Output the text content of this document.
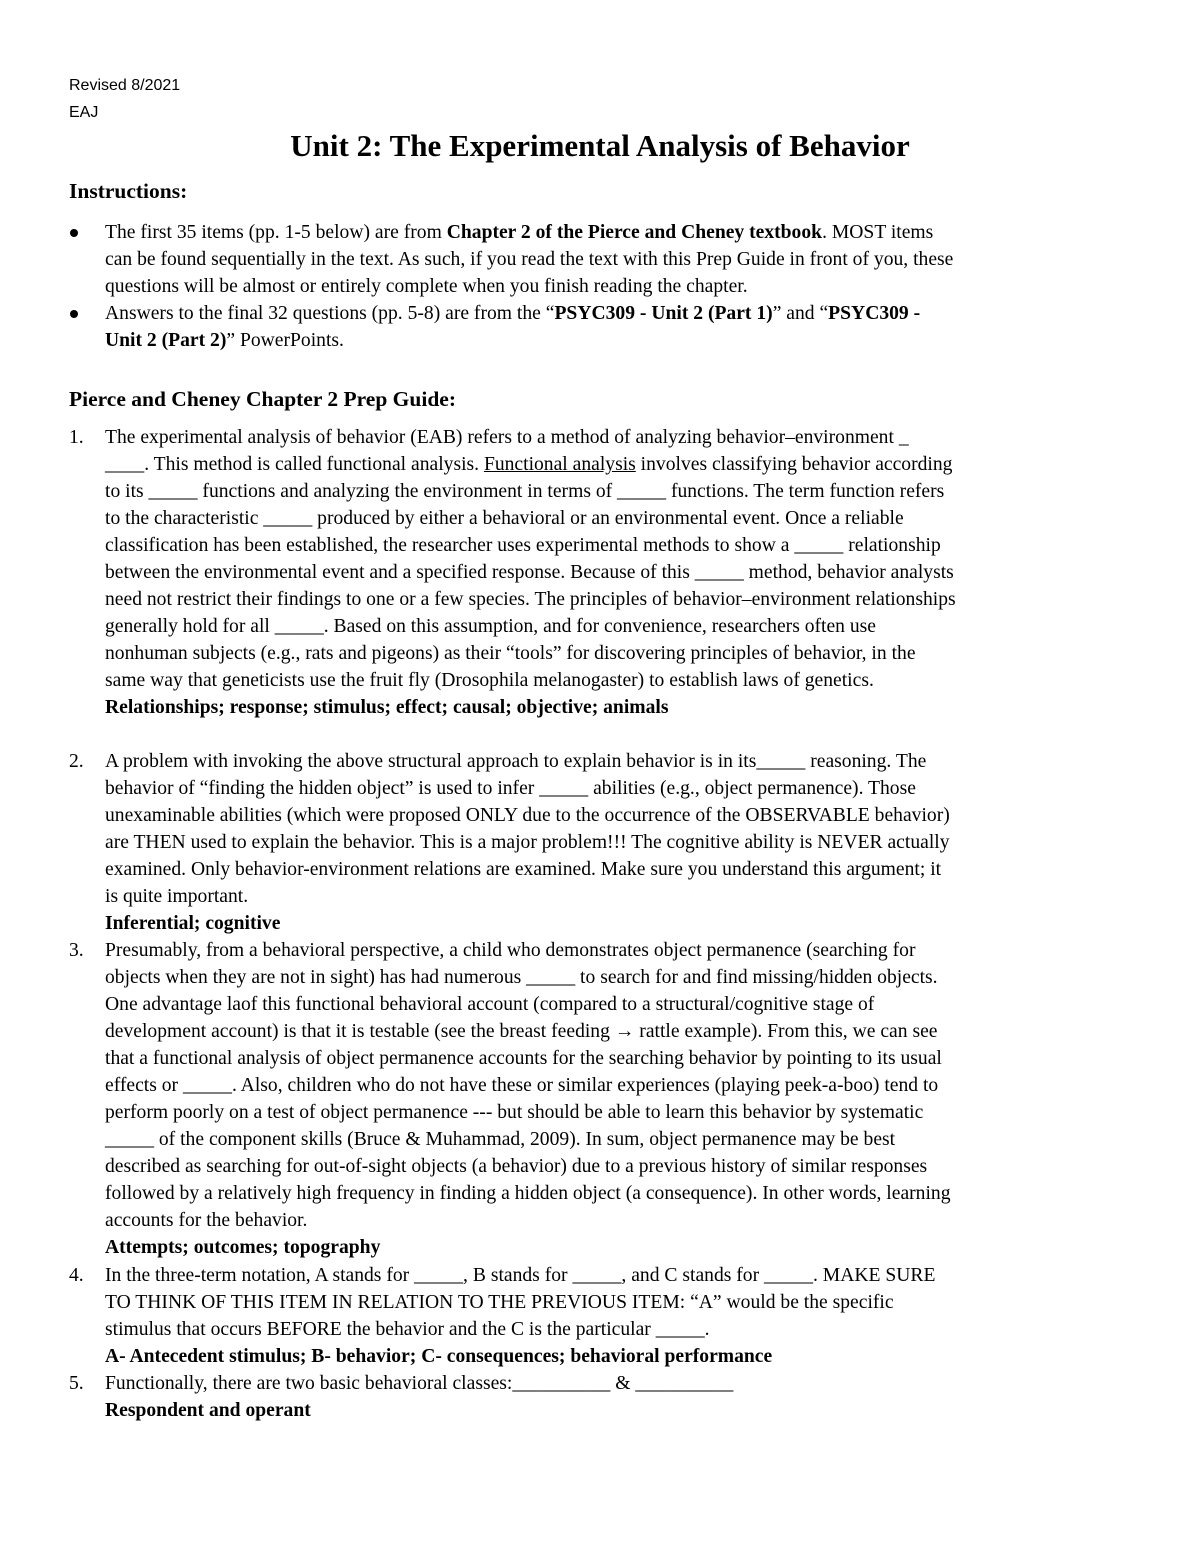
Revised 8/2021
EAJ
Unit 2: The Experimental Analysis of Behavior
Instructions:
The first 35 items (pp. 1-5 below) are from Chapter 2 of the Pierce and Cheney textbook. MOST items
can be found sequentially in the text. As such, if you read the text with this Prep Guide in front of you, these
questions will be almost or entirely complete when you finish reading the chapter.
Answers to the final 32 questions (pp. 5-8) are from the “PSYC309 - Unit 2 (Part 1)” and “PSYC309 -
Unit 2 (Part 2)” PowerPoints.
Pierce and Cheney Chapter 2 Prep Guide:
1. The experimental analysis of behavior (EAB) refers to a method of analyzing behavior–environment _
____. This method is called functional analysis. Functional analysis involves classifying behavior according
to its _____ functions and analyzing the environment in terms of _____ functions. The term function refers
to the characteristic _____ produced by either a behavioral or an environmental event. Once a reliable
classification has been established, the researcher uses experimental methods to show a _____ relationship
between the environmental event and a specified response. Because of this _____ method, behavior analysts
need not restrict their findings to one or a few species. The principles of behavior–environment relationships
generally hold for all _____. Based on this assumption, and for convenience, researchers often use
nonhuman subjects (e.g., rats and pigeons) as their “tools” for discovering principles of behavior, in the
same way that geneticists use the fruit fly (Drosophila melanogaster) to establish laws of genetics.
Relationships; response; stimulus; effect; causal; objective; animals
2. A problem with invoking the above structural approach to explain behavior is in its_____ reasoning. The
behavior of “finding the hidden object” is used to infer _____ abilities (e.g., object permanence). Those
unexaminable abilities (which were proposed ONLY due to the occurrence of the OBSERVABLE behavior)
are THEN used to explain the behavior. This is a major problem!!! The cognitive ability is NEVER actually
examined. Only behavior-environment relations are examined. Make sure you understand this argument; it
is quite important.
Inferential; cognitive
3. Presumably, from a behavioral perspective, a child who demonstrates object permanence (searching for
objects when they are not in sight) has had numerous _____ to search for and find missing/hidden objects.
One advantage laof this functional behavioral account (compared to a structural/cognitive stage of
development account) is that it is testable (see the breast feeding → rattle example). From this, we can see
that a functional analysis of object permanence accounts for the searching behavior by pointing to its usual
effects or _____. Also, children who do not have these or similar experiences (playing peek-a-boo) tend to
perform poorly on a test of object permanence --- but should be able to learn this behavior by systematic
_____ of the component skills (Bruce & Muhammad, 2009). In sum, object permanence may be best
described as searching for out-of-sight objects (a behavior) due to a previous history of similar responses
followed by a relatively high frequency in finding a hidden object (a consequence). In other words, learning
accounts for the behavior.
Attempts; outcomes; topography
4. In the three-term notation, A stands for _____, B stands for _____, and C stands for _____. MAKE SURE
TO THINK OF THIS ITEM IN RELATION TO THE PREVIOUS ITEM: “A” would be the specific
stimulus that occurs BEFORE the behavior and the C is the particular _____.
A- Antecedent stimulus; B- behavior; C- consequences; behavioral performance
5. Functionally, there are two basic behavioral classes:__________ & __________
Respondent and operant
